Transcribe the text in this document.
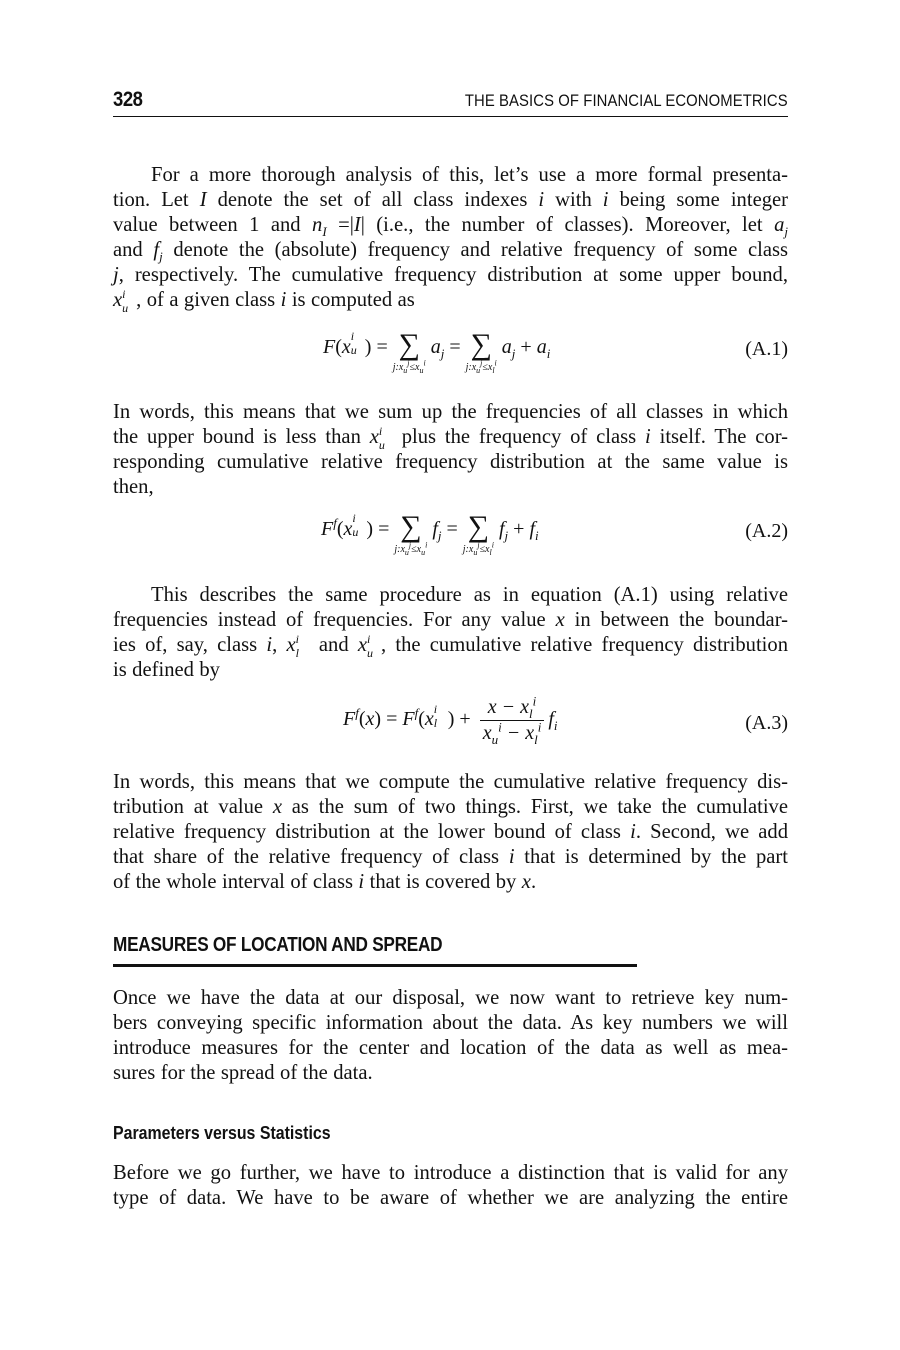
328	THE BASICS OF FINANCIAL ECONOMETRICS
For a more thorough analysis of this, let’s use a more formal presenta-
tion. Let I denote the set of all class indexes i with i being some integer
value between 1 and $n_I =|I|$ (i.e., the number of classes). Moreover, let $a_j$
and $f_j$ denote the (absolute) frequency and relative frequency of some class
j, respectively. The cumulative frequency distribution at some upper bound,
x i
u , of a given class i is computed as
F(x i
u ) = ∑
$j:x_u^j\le x_u^i$
$a_j$ = ∑
$j:x_u^j\le x_l^i$
$a_j + a_i$	(A.1)
In words, this means that we sum up the frequencies of all classes in which
the upper bound is less than x i
u plus the frequency of class i itself. The cor-
responding cumulative relative frequency distribution at the same value is
then,
$F^f(x$ i
u ) = ∑
$j:x_u^j\le x_u^i$
$f_j$ = ∑
$j:x_u^j\le x_l^i$
$f_j + f_i$	(A.2)
This describes the same procedure as in equation (A.1) using relative
frequencies instead of frequencies. For any value x in between the boundar-
ies of, say, class i, x i
l and x i
u , the cumulative relative frequency distribution
is defined by
$F^f(x) = F^f(x$ i
l ) + $\frac{x - x_l^i}{x_u^i - x_l^i} f_i$	(A.3)
In words, this means that we compute the cumulative relative frequency dis-
tribution at value x as the sum of two things. First, we take the cumulative
relative frequency distribution at the lower bound of class i. Second, we add
that share of the relative frequency of class i that is determined by the part
of the whole interval of class i that is covered by x.
MEASURES OF LOCATION AND SPREAD
Once we have the data at our disposal, we now want to retrieve key num-
bers conveying specific information about the data. As key numbers we will
introduce measures for the center and location of the data as well as mea-
sures for the spread of the data.
Parameters versus Statistics
Before we go further, we have to introduce a distinction that is valid for any
type of data. We have to be aware of whether we are analyzing the entire
